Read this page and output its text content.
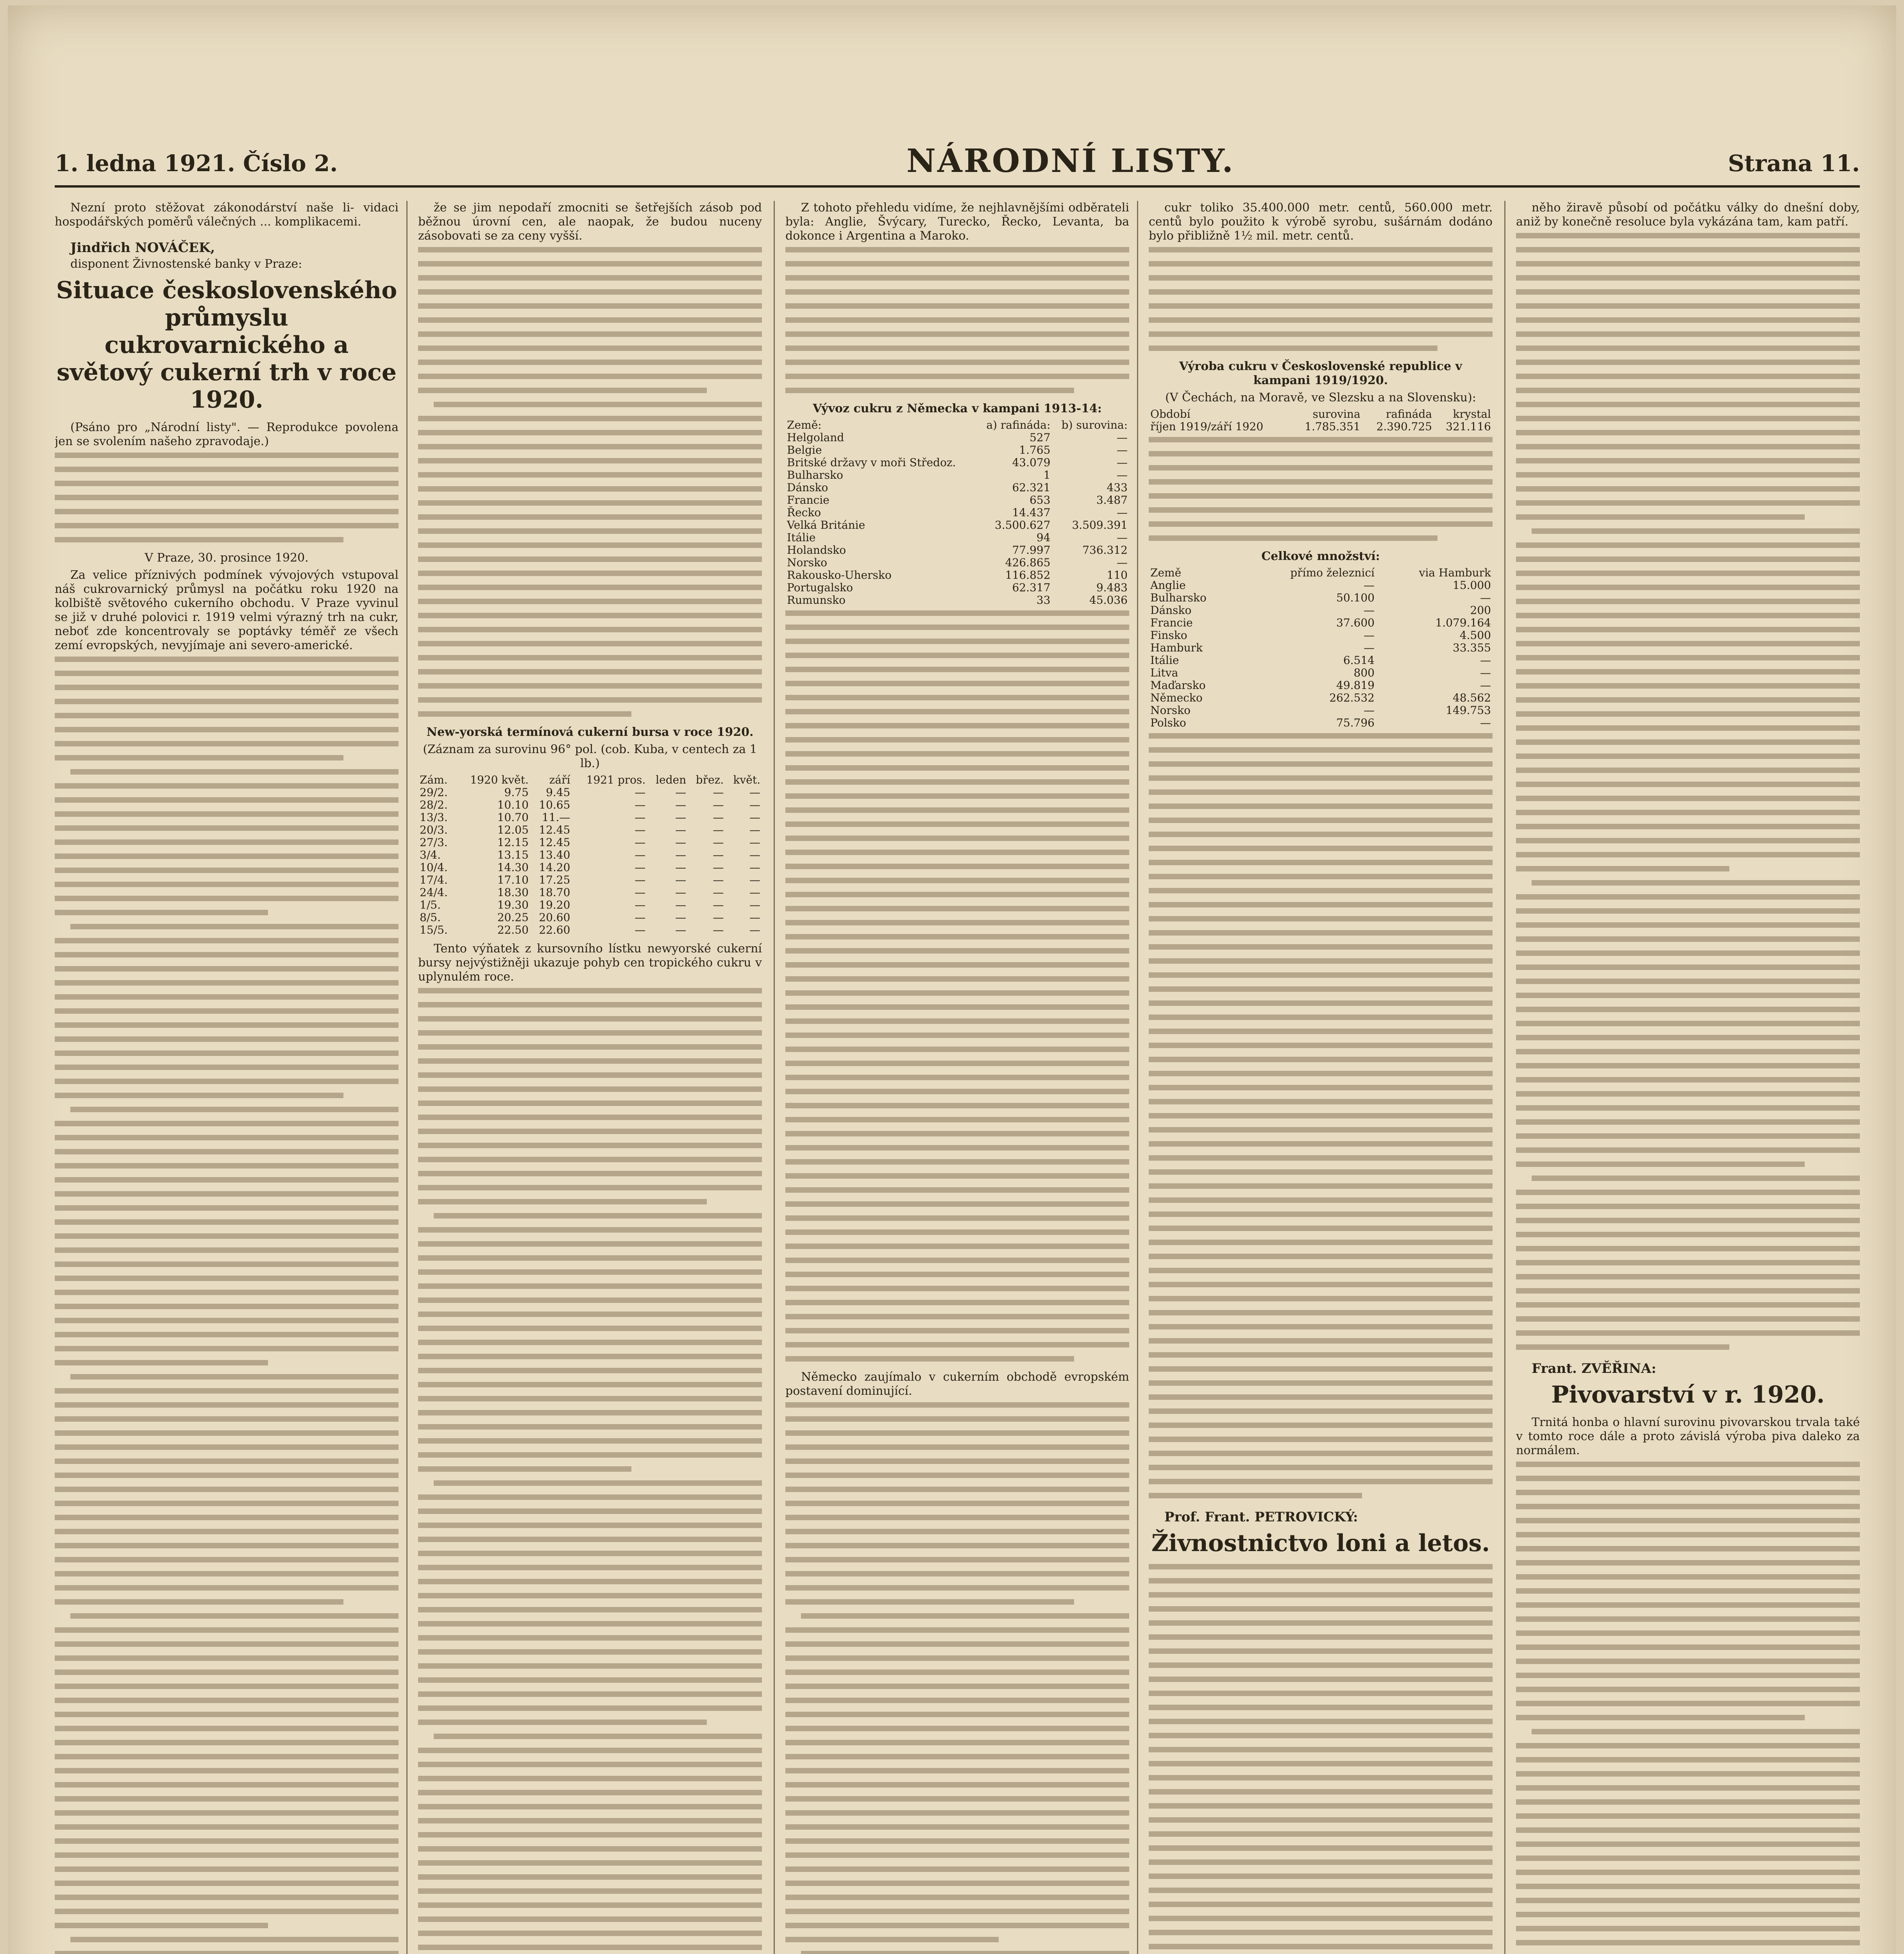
1. ledna 1921. Číslo 2.	NÁRODNÍ LISTY.	Strana 11.
Nezní proto stěžovat zákonodárství naše li- vidaci hospodářských poměrů válečných ... komplikacemi.
Jindřich NOVÁČEK,
disponent Živnostenské banky v Praze:
Situace československého průmyslu cukrovarnického a světový cukerní trh v roce 1920.
(Psáno pro „Národní listy". — Reprodukce povolena jen se svolením našeho zpravodaje.)
V Praze, 30. prosince 1920.
Za velice příznivých podmínek vývojových vstupoval náš cukrovarnický průmysl na počátku roku 1920 na kolbiště světového cukerního obchodu. V Praze vyvinul se již v druhé polovici r. 1919 velmi výrazný trh na cukr, neboť zde koncentrovaly se poptávky téměř ze všech zemí evropských, nevyjímaje ani severo-americké.
že se jim nepodaří zmocniti se šetřejších zásob pod běžnou úrovní cen, ale naopak, že budou nuceny zásobovati se za ceny vyšší.
New-yorská termínová cukerní bursa v roce 1920.
(Záznam za surovinu 96° pol. (cob. Kuba, v centech za 1 lb.)
Zám.	1920 květ.	září	1921 pros.	leden	břez.	květ.
29/2.	9.75	9.45	—	—	—	—
28/2.	10.10	10.65	—	—	—	—
13/3.	10.70	11.—	—	—	—	—
20/3.	12.05	12.45	—	—	—	—
27/3.	12.15	12.45	—	—	—	—
3/4.	13.15	13.40	—	—	—	—
10/4.	14.30	14.20	—	—	—	—
17/4.	17.10	17.25	—	—	—	—
24/4.	18.30	18.70	—	—	—	—
1/5.	19.30	19.20	—	—	—	—
8/5.	20.25	20.60	—	—	—	—
15/5.	22.50	22.60	—	—	—	—
Tento výňatek z kursovního lístku newyorské cukerní bursy nejvýstižněji ukazuje pohyb cen tropického cukru v uplynulém roce.
Z tohoto přehledu vidíme, že nejhlavnějšími odběrateli byla: Anglie, Švýcary, Turecko, Řecko, Levanta, ba dokonce i Argentina a Maroko.
Vývoz cukru z Německa v kampani 1913-14:
Země:	a) rafináda:	b) surovina:
Helgoland	527	—
Belgie	1.765	—
Britské državy v moři Středoz.	43.079	—
Bulharsko	1	—
Dánsko	62.321	433
Francie	653	3.487
Řecko	14.437	—
Velká Británie	3.500.627	3.509.391
Itálie	94	—
Holandsko	77.997	736.312
Norsko	426.865	—
Rakousko-Uhersko	116.852	110
Portugalsko	62.317	9.483
Rumunsko	33	45.036
Německo zaujímalo v cukerním obchodě evropském postavení dominující.
cukr toliko 35.400.000 metr. centů, 560.000 metr. centů bylo použito k výrobě syrobu, sušárnám dodáno bylo přibližně 1½ mil. metr. centů.
Výroba cukru v Československé republice v kampani 1919/1920.
(V Čechách, na Moravě, ve Slezsku a na Slovensku):
Období	surovina	rafináda	krystal
říjen 1919/září 1920	1.785.351	2.390.725	321.116
Celkové množství:
Země	přímo železnicí	via Hamburk
Anglie	—	15.000
Bulharsko	50.100	—
Dánsko	—	200
Francie	37.600	1.079.164
Finsko	—	4.500
Hamburk	—	33.355
Itálie	6.514	—
Litva	800	—
Maďarsko	49.819	—
Německo	262.532	48.562
Norsko	—	149.753
Polsko	75.796	—
Prof. Frant. PETROVICKÝ:
Živnostnictvo loni a letos.
něho žiravě působí od počátku války do dnešní doby, aniž by konečně resoluce byla vykázána tam, kam patří.
Frant. ZVĚŘINA:
Pivovarství v r. 1920.
Trnitá honba o hlavní surovinu pivovarskou trvala také v tomto roce dále a proto závislá výroba piva daleko za normálem.
